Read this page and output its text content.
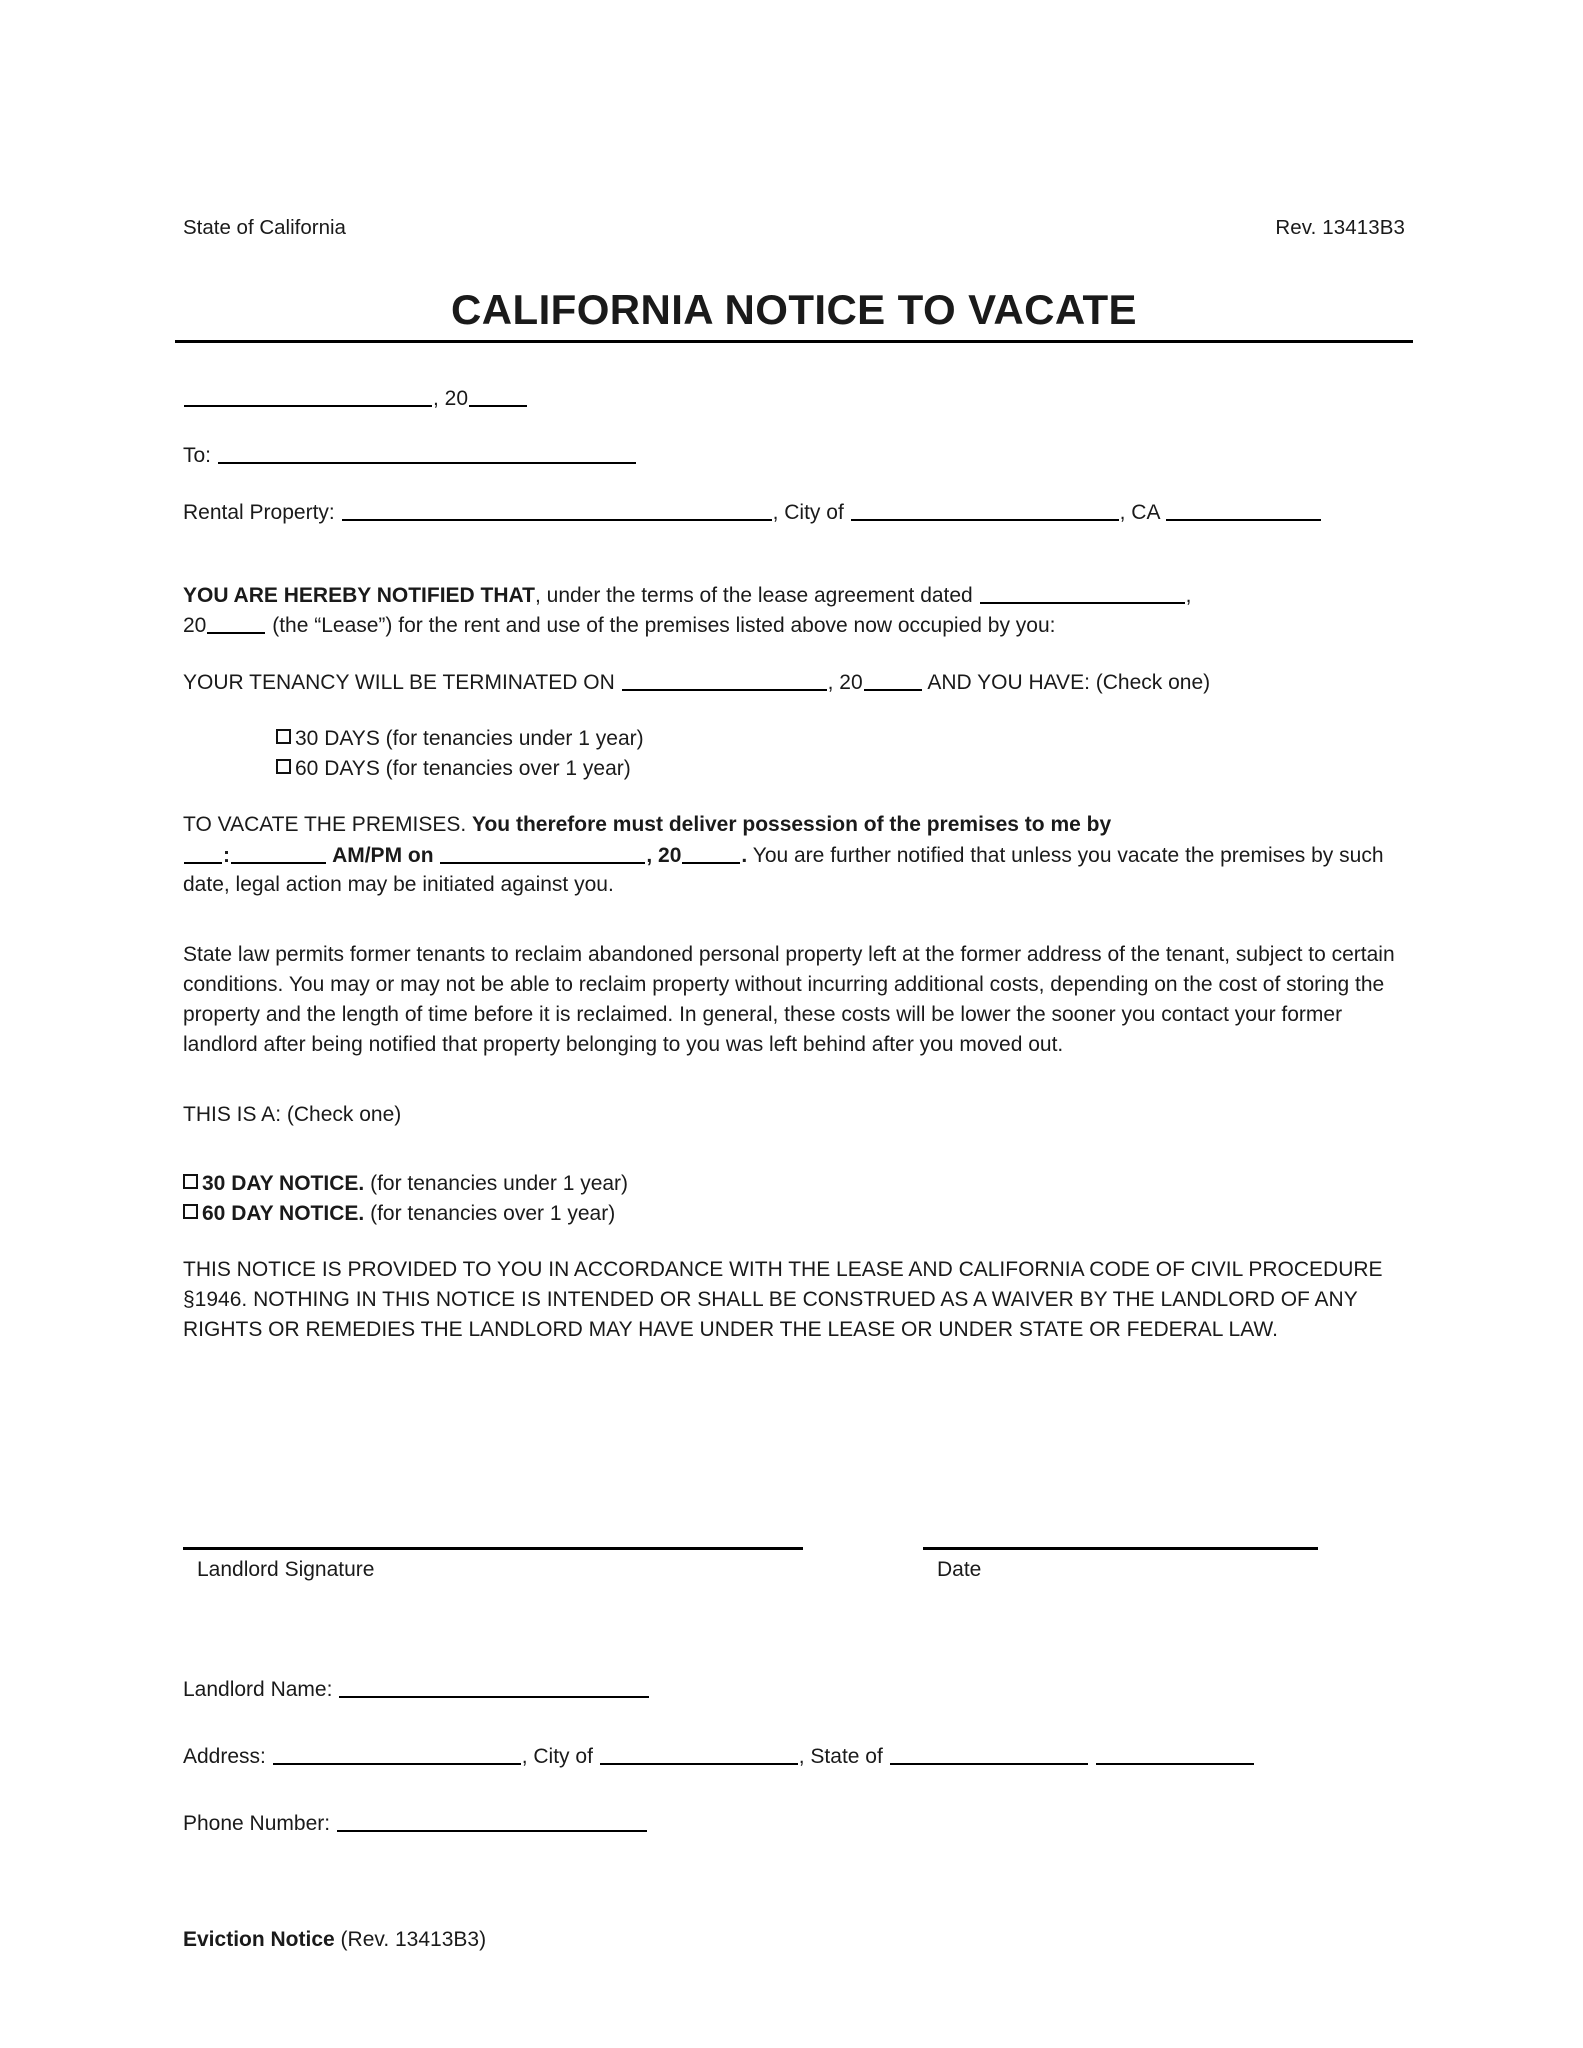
State of California	Rev. 13413B3
CALIFORNIA NOTICE TO VACATE
, 20
To:
Rental Property:	, City of	, CA
YOU ARE HEREBY NOTIFIED THAT, under the terms of the lease agreement dated	,
20	(the “Lease”) for the rent and use of the premises listed above now occupied by you:
YOUR TENANCY WILL BE TERMINATED ON	, 20	AND YOU HAVE: (Check one)
30 DAYS (for tenancies under 1 year)
60 DAYS (for tenancies over 1 year)
TO VACATE THE PREMISES. You therefore must deliver possession of the premises to me by
:	AM/PM on	, 20	. You are further notified that unless you vacate the premises by such date, legal action may be initiated against you.
State law permits former tenants to reclaim abandoned personal property left at the former address of the tenant, subject to certain conditions. You may or may not be able to reclaim property without incurring additional costs, depending on the cost of storing the property and the length of time before it is reclaimed. In general, these costs will be lower the sooner you contact your former landlord after being notified that property belonging to you was left behind after you moved out.
THIS IS A: (Check one)
30 DAY NOTICE. (for tenancies under 1 year)
60 DAY NOTICE. (for tenancies over 1 year)
THIS NOTICE IS PROVIDED TO YOU IN ACCORDANCE WITH THE LEASE AND CALIFORNIA CODE OF CIVIL PROCEDURE §1946. NOTHING IN THIS NOTICE IS INTENDED OR SHALL BE CONSTRUED AS A WAIVER BY THE LANDLORD OF ANY RIGHTS OR REMEDIES THE LANDLORD MAY HAVE UNDER THE LEASE OR UNDER STATE OR FEDERAL LAW.
Landlord Signature	Date
Landlord Name:
Address:	, City of	, State of
Phone Number:
Eviction Notice (Rev. 13413B3)
